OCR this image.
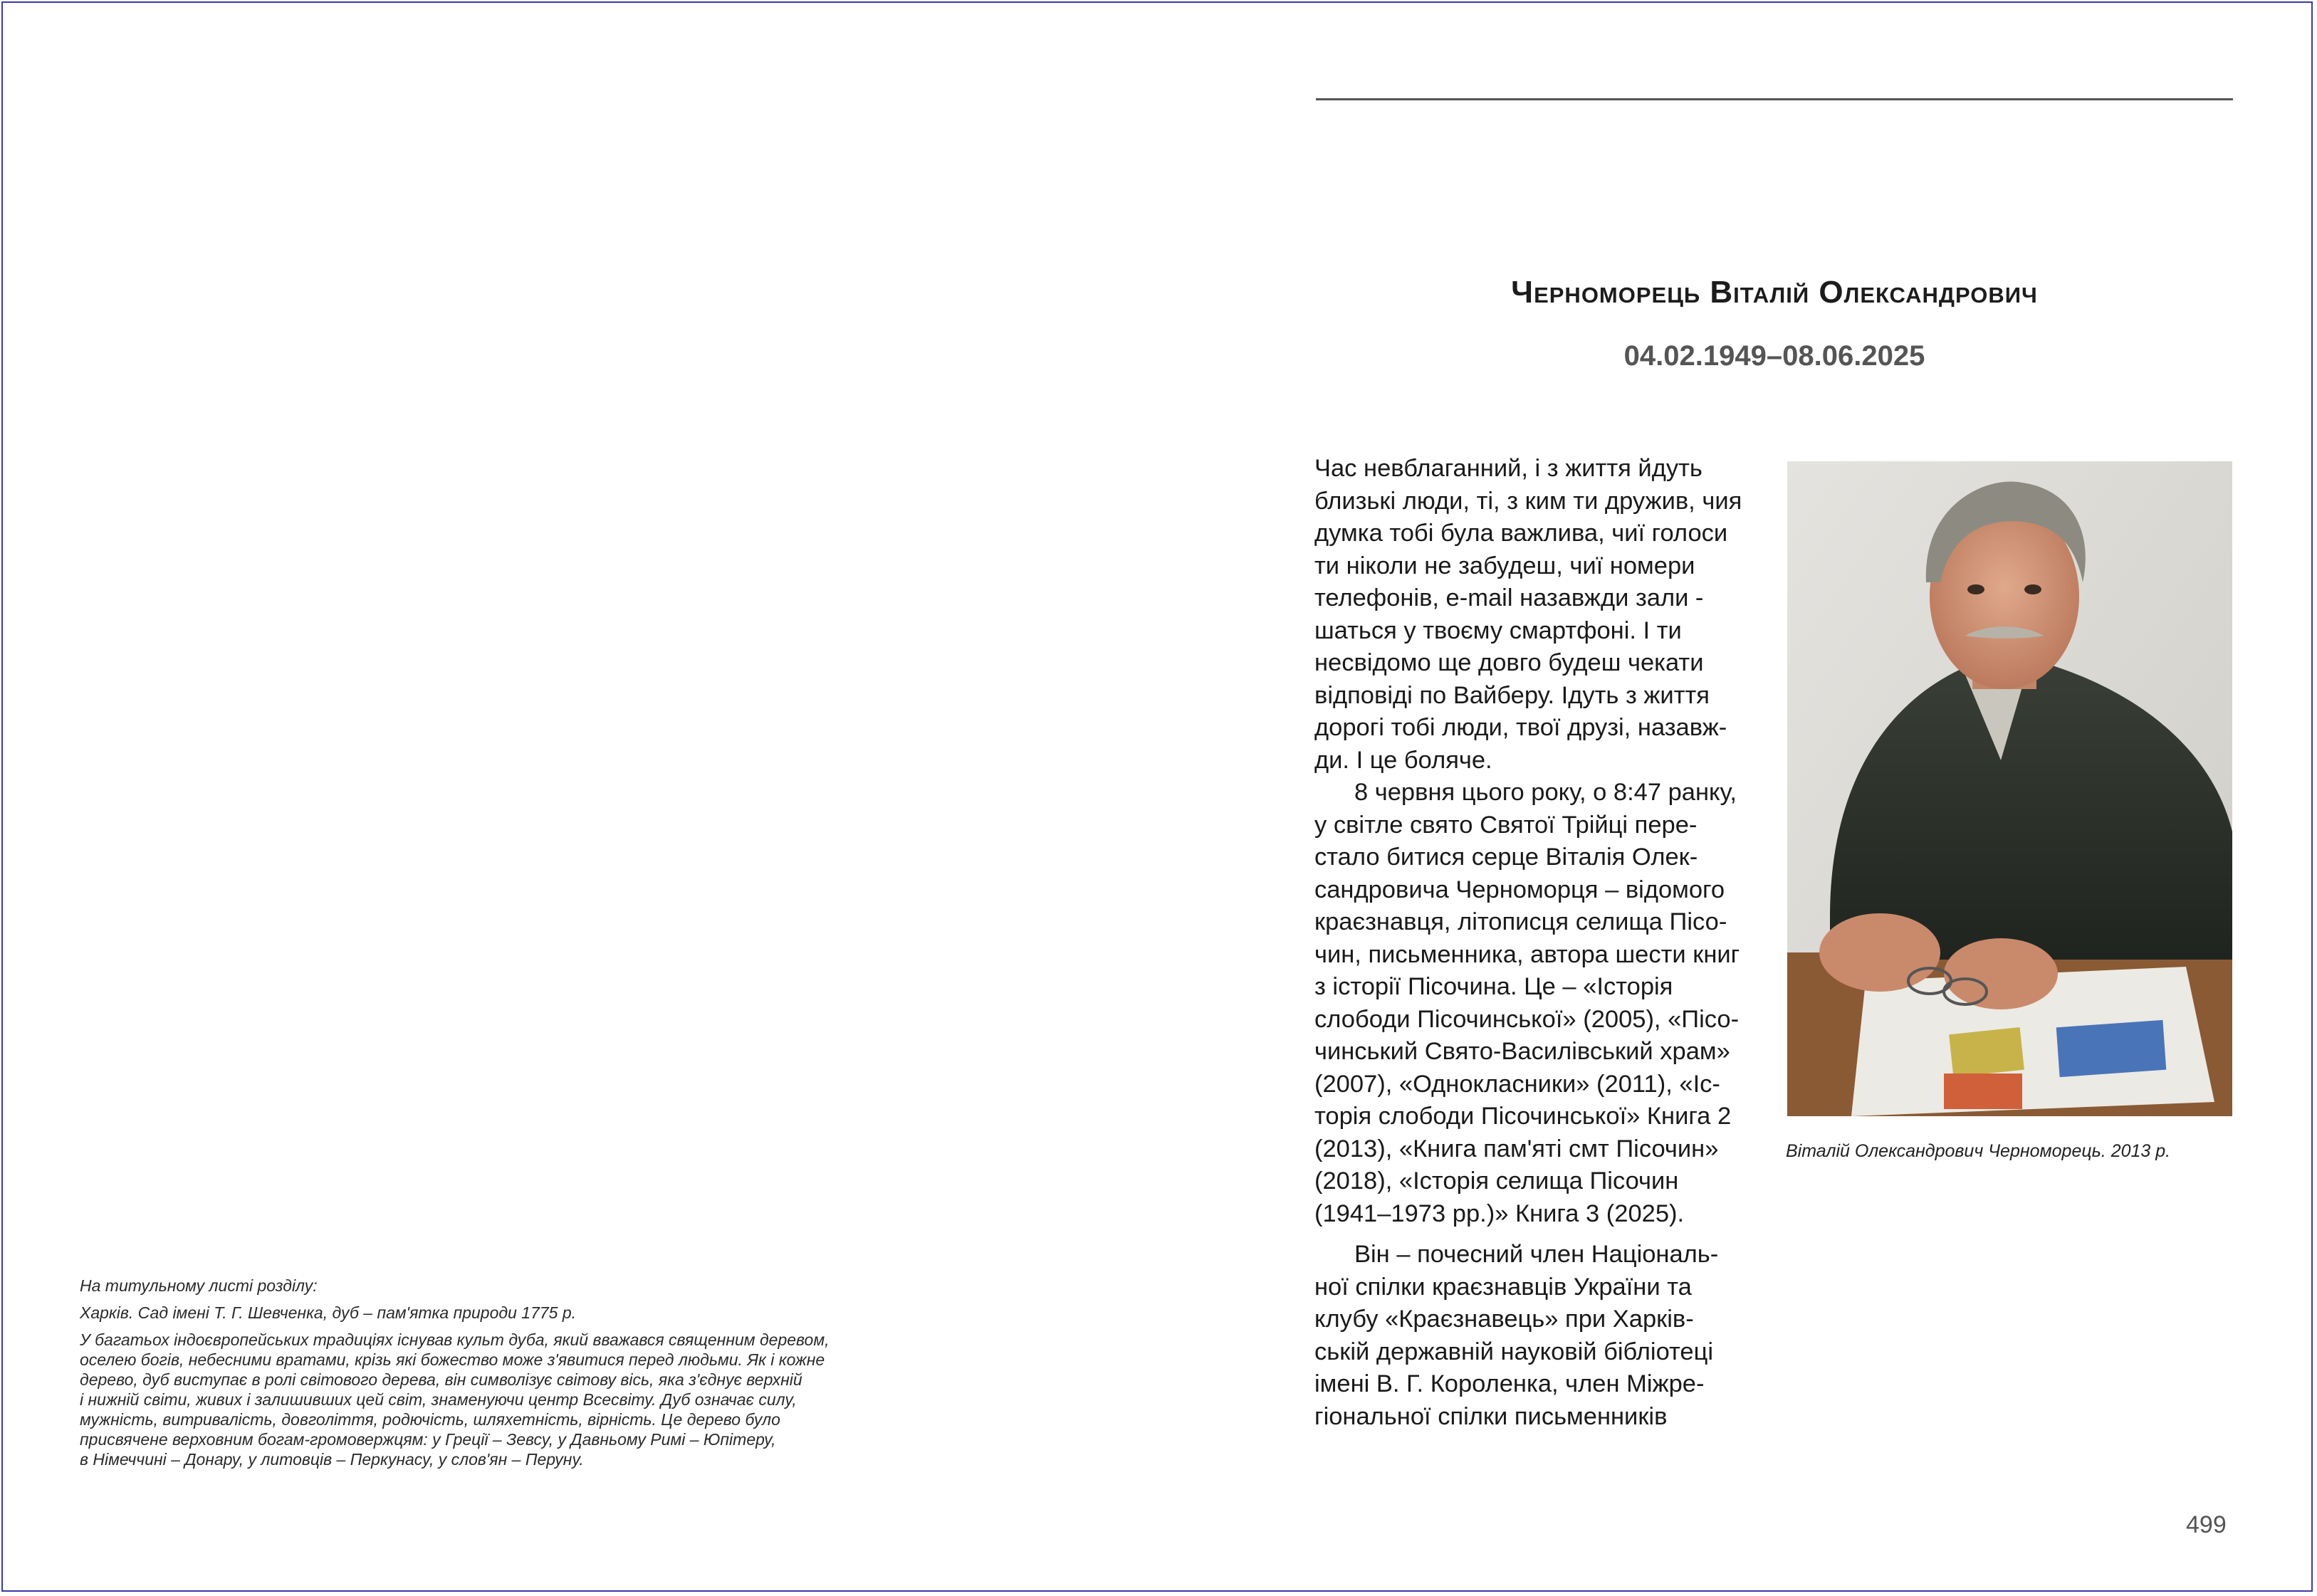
На титульному листі розділу:

Харків. Сад імені Т. Г. Шевченка, дуб – пам'ятка природи 1775 р.

У багатьох індоєвропейських традиціях існував культ дуба, який вважався священним деревом,
оселею богів, небесними вратами, крізь які божество може з'явитися перед людьми. Як і кожне
дерево, дуб виступає в ролі світового дерева, він символізує світову вісь, яка з'єднує верхній
і нижній світи, живих і залишивших цей світ, знаменуючи центр Всесвіту. Дуб означає силу,
мужність, витривалість, довголіття, родючість, шляхетність, вірність. Це дерево було
присвячене верховним богам-громовержцям: у Греції – Зевсу, у Давньому Римі – Юпітеру,
в Німеччині – Донару, у литовців – Перкунасу, у слов'ян – Перуну.
Черноморець Віталій Олександрович
04.02.1949–08.06.2025

Час невблаганний, і з життя йдуть

близькі люди, ті, з ким ти дружив, чия

думка тобі була важлива, чиї голоси

ти ніколи не забудеш, чиї номери

телефонів, e-mail назавжди зали -

шаться у твоєму смартфоні. І ти

несвідомо ще довго будеш чекати

відповіді по Вайберу. Ідуть з життя

дорогі тобі люди, твої друзі, назавж-

ди. І це боляче.

8 червня цього року, о 8:47 ранку,

у світле свято Святої Трійці пере-

стало битися серце Віталія Олек-

сандровича Черноморця – відомого

краєзнавця, літописця селища Пісо-

чин, письменника, автора шести книг

з історії Пісочина. Це – «Історія

слободи Пісочинської» (2005), «Пісо-

чинський Свято-Василівський храм»

(2007), «Однокласники» (2011), «Іс-

торія слободи Пісочинської» Книга 2

(2013), «Книга пам'яті смт Пісочин»

(2018), «Історія селища Пісочин

(1941–1973 рр.)» Книга 3 (2025).

Він – почесний член Національ-

ної спілки краєзнавців України та

клубу «Краєзнавець» при Харків-

ській державній науковій бібліотеці

імені В. Г. Короленка, член Міжре-

гіональної спілки письменників

Віталій Олександрович Черноморець. 2013 р.
499
